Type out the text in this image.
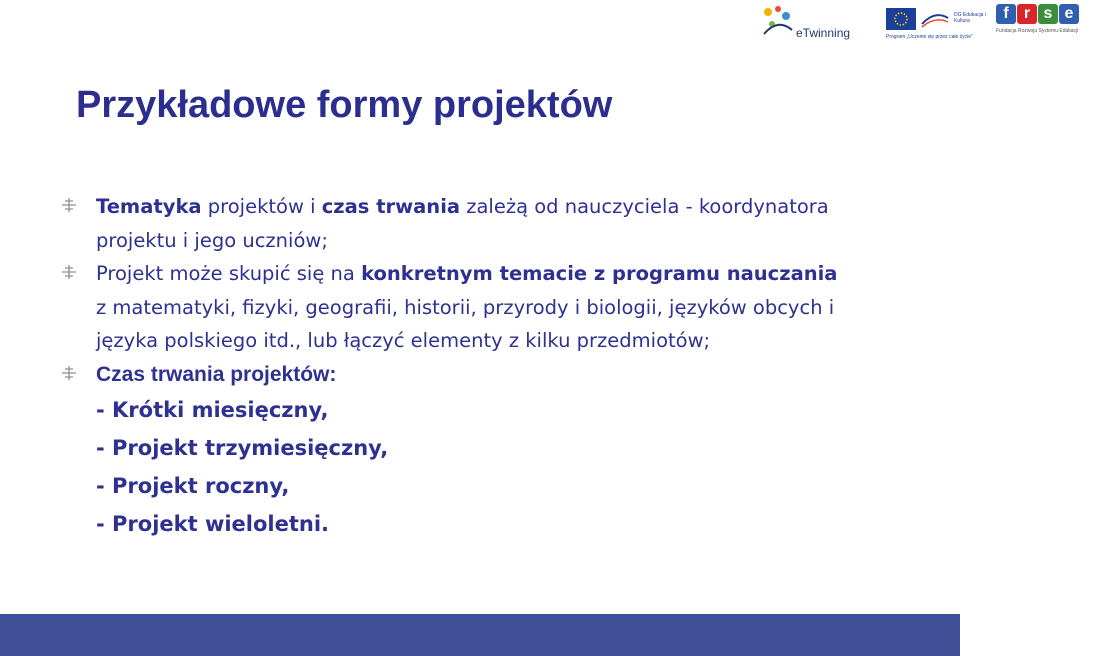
eTwinning
DG Edukacja i Kultura
Program „Uczenie się przez całe życie”
f r s e
Fundacja Rozwoju Systemu Edukacji
Przykładowe formy projektów
Tematyka projektów i czas trwania zależą od nauczyciela - koordynatora projektu i jego uczniów;
Projekt może skupić się na konkretnym temacie z programu nauczania z matematyki, fizyki, geografii, historii, przyrody i biologii, języków obcych i języka polskiego itd., lub łączyć elementy z kilku przedmiotów;
Czas trwania projektów:
- Krótki miesięczny,
- Projekt trzymiesięczny,
- Projekt roczny,
- Projekt wieloletni.
